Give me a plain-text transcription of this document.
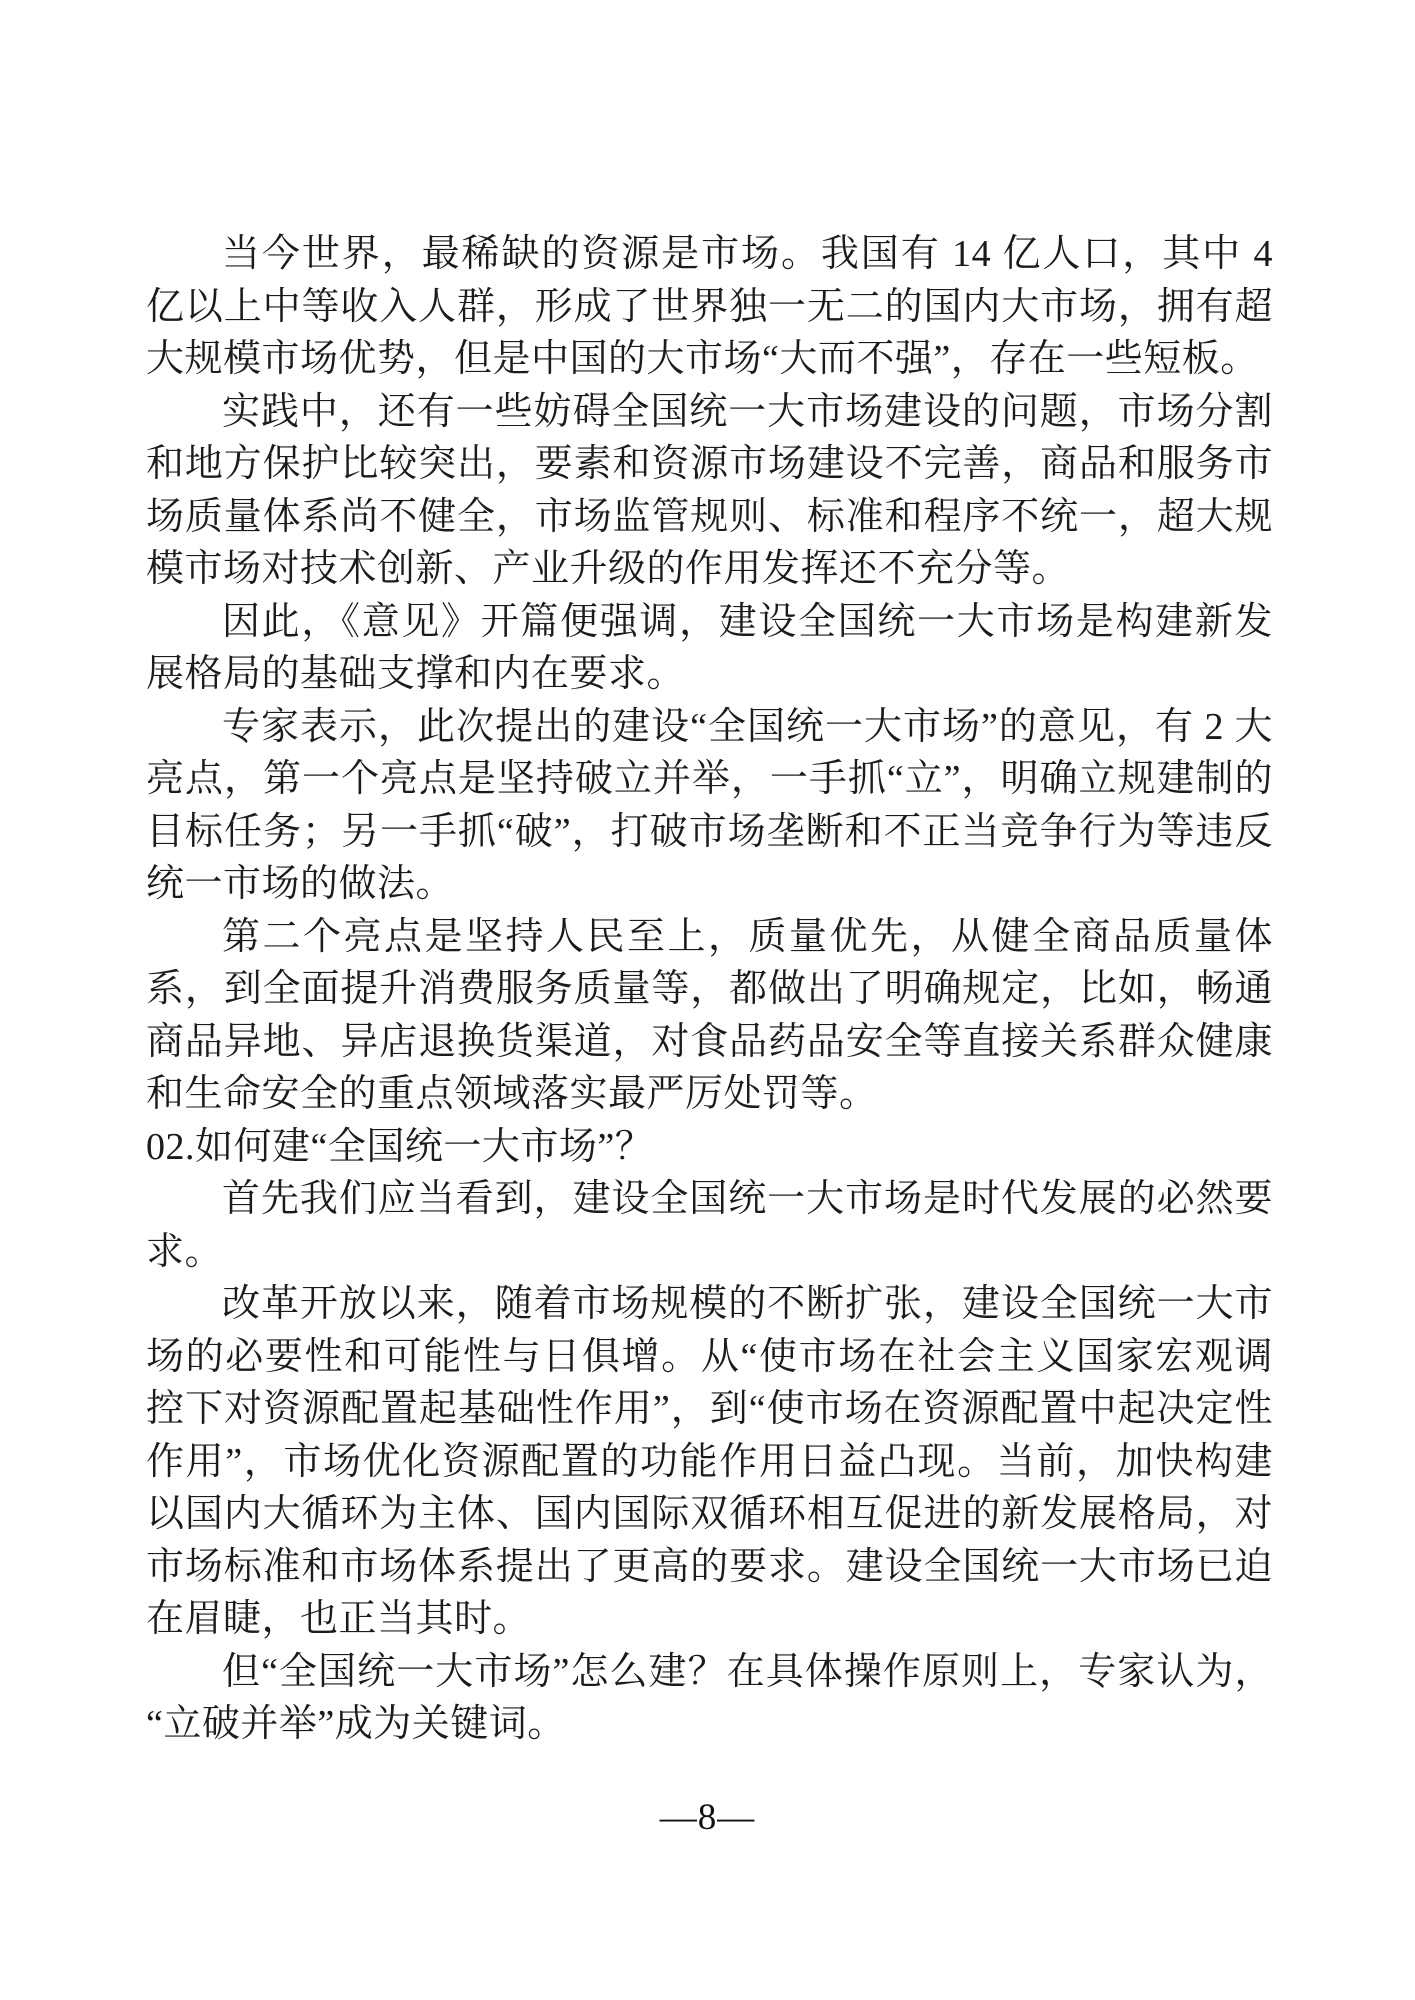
当今世界，最稀缺的资源是市场。我国有 14 亿人口，其中 4 亿以上中等收入人群，形成了世界独一无二的国内大市场，拥有超大规模市场优势，但是中国的大市场“大而不强”，存在一些短板。

实践中，还有一些妨碍全国统一大市场建设的问题，市场分割和地方保护比较突出，要素和资源市场建设不完善，商品和服务市场质量体系尚不健全，市场监管规则、标准和程序不统一，超大规模市场对技术创新、产业升级的作用发挥还不充分等。

因此，《意见》开篇便强调，建设全国统一大市场是构建新发展格局的基础支撑和内在要求。

专家表示，此次提出的建设“全国统一大市场”的意见，有 2 大亮点，第一个亮点是坚持破立并举，一手抓“立”，明确立规建制的目标任务；另一手抓“破”，打破市场垄断和不正当竞争行为等违反统一市场的做法。

第二个亮点是坚持人民至上，质量优先，从健全商品质量体系，到全面提升消费服务质量等，都做出了明确规定，比如，畅通商品异地、异店退换货渠道，对食品药品安全等直接关系群众健康和生命安全的重点领域落实最严厉处罚等。

02.如何建“全国统一大市场”？

首先我们应当看到，建设全国统一大市场是时代发展的必然要求。

改革开放以来，随着市场规模的不断扩张，建设全国统一大市场的必要性和可能性与日俱增。从“使市场在社会主义国家宏观调控下对资源配置起基础性作用”，到“使市场在资源配置中起决定性作用”，市场优化资源配置的功能作用日益凸现。当前，加快构建以国内大循环为主体、国内国际双循环相互促进的新发展格局，对市场标准和市场体系提出了更高的要求。建设全国统一大市场已迫在眉睫，也正当其时。

但“全国统一大市场”怎么建？在具体操作原则上，专家认为，“立破并举”成为关键词。

—8—
